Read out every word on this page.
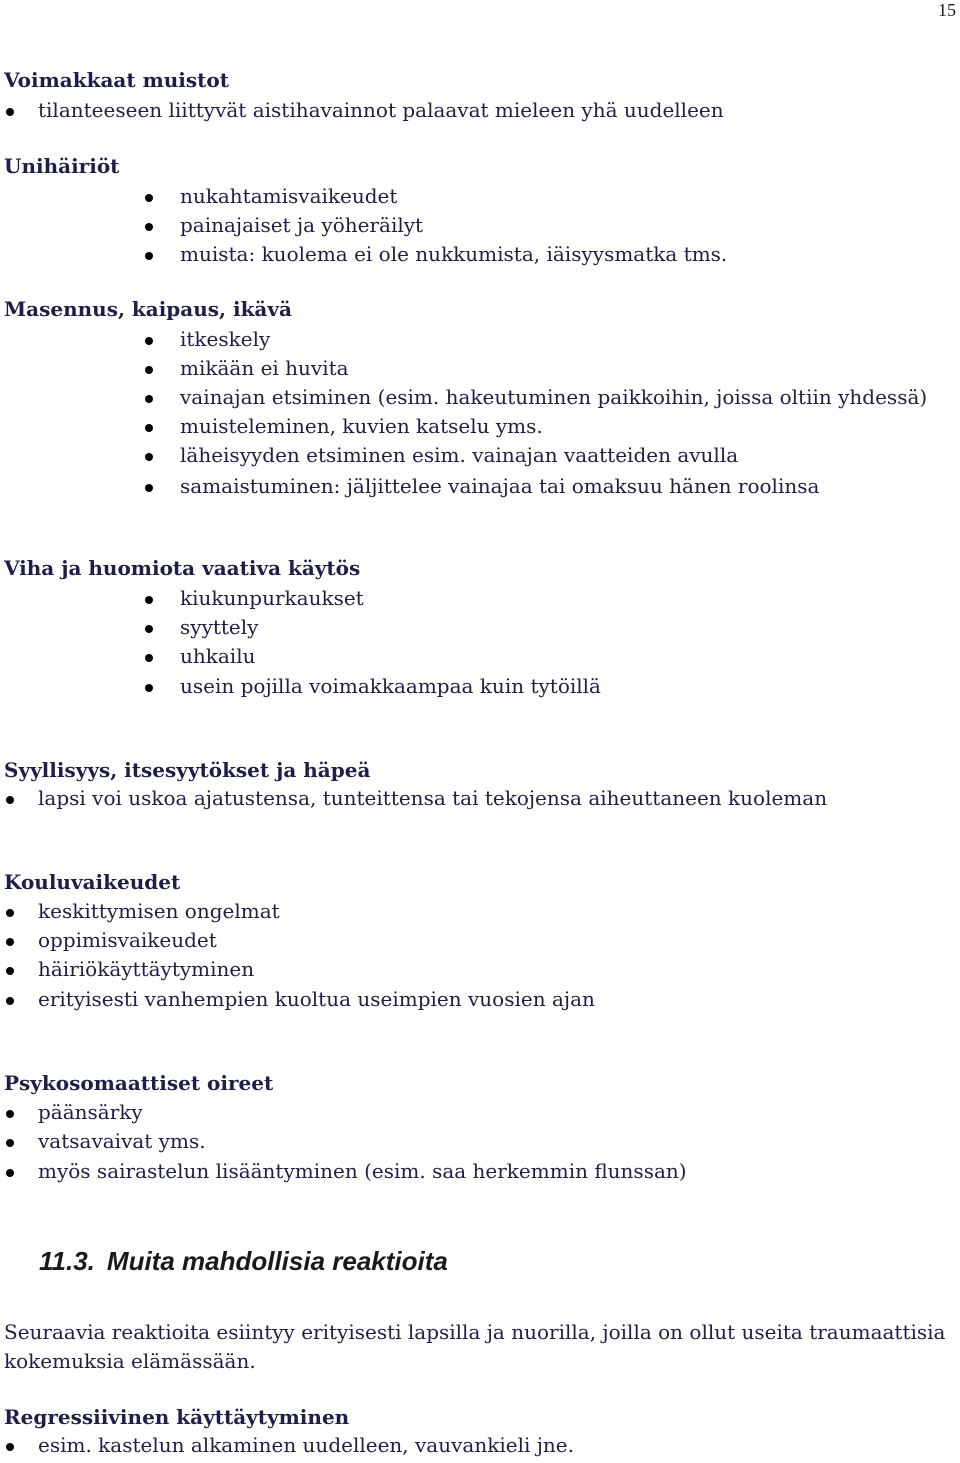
15
Voimakkaat muistot
tilanteeseen liittyvät aistihavainnot palaavat mieleen yhä uudelleen
Unihäiriöt
nukahtamisvaikeudet
painajaiset ja yöheräilyt
muista: kuolema ei ole nukkumista, iäisyysmatka tms.
Masennus, kaipaus, ikävä
itkeskely
mikään ei huvita
vainajan etsiminen (esim. hakeutuminen paikkoihin, joissa oltiin yhdessä)
muisteleminen, kuvien katselu yms.
läheisyyden etsiminen esim. vainajan vaatteiden avulla
samaistuminen: jäljittelee vainajaa tai omaksuu hänen roolinsa
Viha ja huomiota vaativa käytös
kiukunpurkaukset
syyttely
uhkailu
usein pojilla voimakkaampaa kuin tytöillä
Syyllisyys, itsesyytökset ja häpeä
lapsi voi uskoa ajatustensa, tunteittensa tai tekojensa aiheuttaneen kuoleman
Kouluvaikeudet
keskittymisen ongelmat
oppimisvaikeudet
häiriökäyttäytyminen
erityisesti vanhempien kuoltua useimpien vuosien ajan
Psykosomaattiset oireet
päänsärky
vatsavaivat yms.
myös sairastelun lisääntyminen (esim. saa herkemmin flunssan)
11.3. Muita mahdollisia reaktioita
Seuraavia reaktioita esiintyy erityisesti lapsilla ja nuorilla, joilla on ollut useita traumaattisia
kokemuksia elämässään.
Regressiivinen käyttäytyminen
esim. kastelun alkaminen uudelleen, vauvankieli jne.
